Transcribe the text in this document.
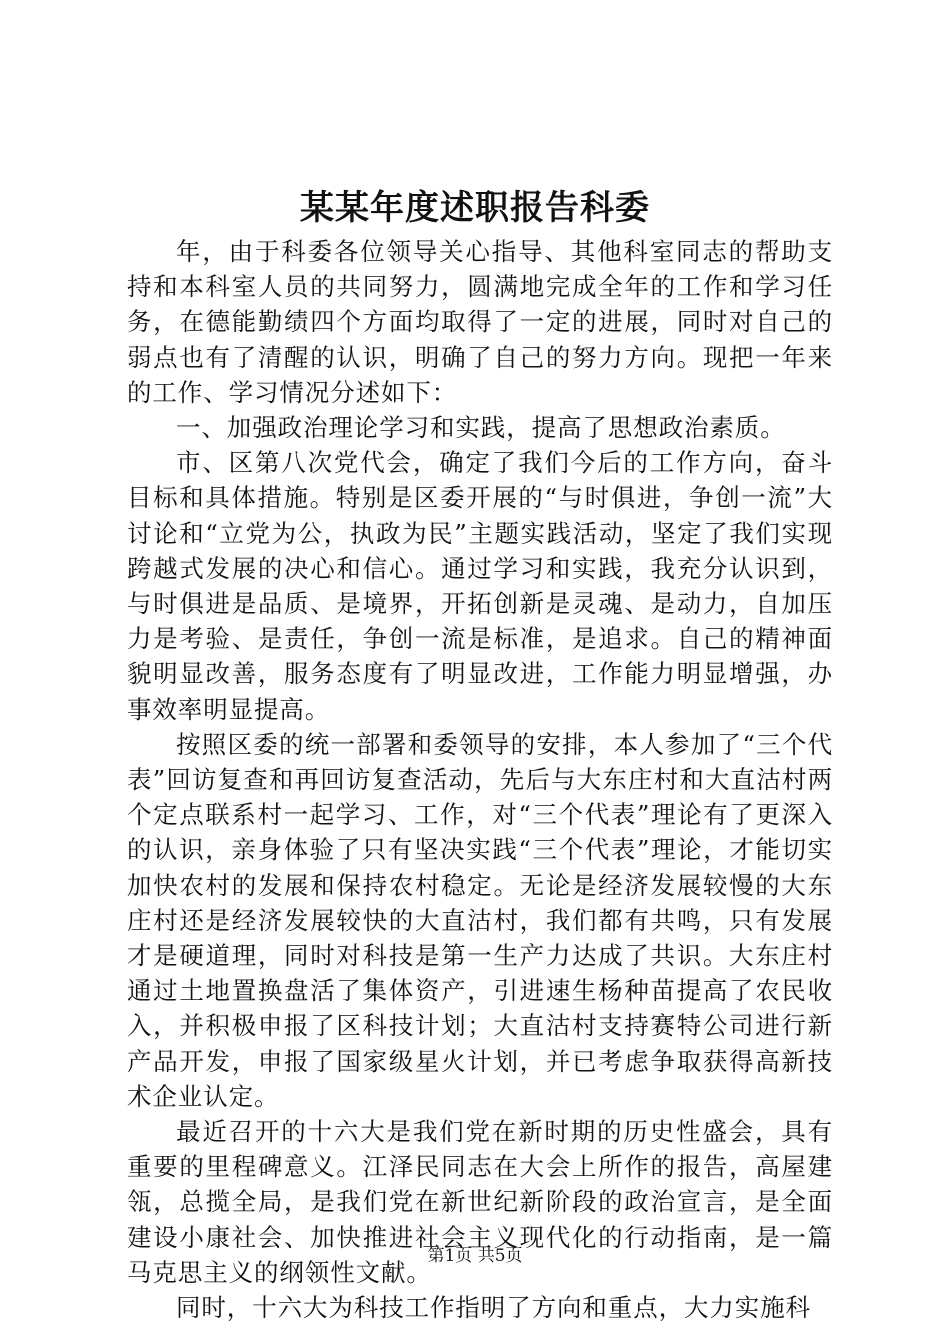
某某年度述职报告科委

年，由于科委各位领导关心指导、其他科室同志的帮助支持和本科室人员的共同努力，圆满地完成全年的工作和学习任务，在德能勤绩四个方面均取得了一定的进展，同时对自己的弱点也有了清醒的认识，明确了自己的努力方向。现把一年来的工作、学习情况分述如下：

一、加强政治理论学习和实践，提高了思想政治素质。

市、区第八次党代会，确定了我们今后的工作方向，奋斗目标和具体措施。特别是区委开展的“与时俱进，争创一流”大讨论和“立党为公，执政为民”主题实践活动，坚定了我们实现跨越式发展的决心和信心。通过学习和实践，我充分认识到，与时俱进是品质、是境界，开拓创新是灵魂、是动力，自加压力是考验、是责任，争创一流是标准，是追求。自己的精神面貌明显改善，服务态度有了明显改进，工作能力明显增强，办事效率明显提高。

按照区委的统一部署和委领导的安排，本人参加了“三个代表”回访复查和再回访复查活动，先后与大东庄村和大直沽村两个定点联系村一起学习、工作，对“三个代表”理论有了更深入的认识，亲身体验了只有坚决实践“三个代表”理论，才能切实加快农村的发展和保持农村稳定。无论是经济发展较慢的大东庄村还是经济发展较快的大直沽村，我们都有共鸣，只有发展才是硬道理，同时对科技是第一生产力达成了共识。大东庄村通过土地置换盘活了集体资产，引进速生杨种苗提高了农民收入，并积极申报了区科技计划；大直沽村支持赛特公司进行新产品开发，申报了国家级星火计划，并已考虑争取获得高新技术企业认定。

最近召开的十六大是我们党在新时期的历史性盛会，具有重要的里程碑意义。江泽民同志在大会上所作的报告，高屋建瓴，总揽全局，是我们党在新世纪新阶段的政治宣言，是全面建设小康社会、加快推进社会主义现代化的行动指南，是一篇马克思主义的纲领性文献。

同时，十六大为科技工作指明了方向和重点，大力实施科

第1页 共5页
